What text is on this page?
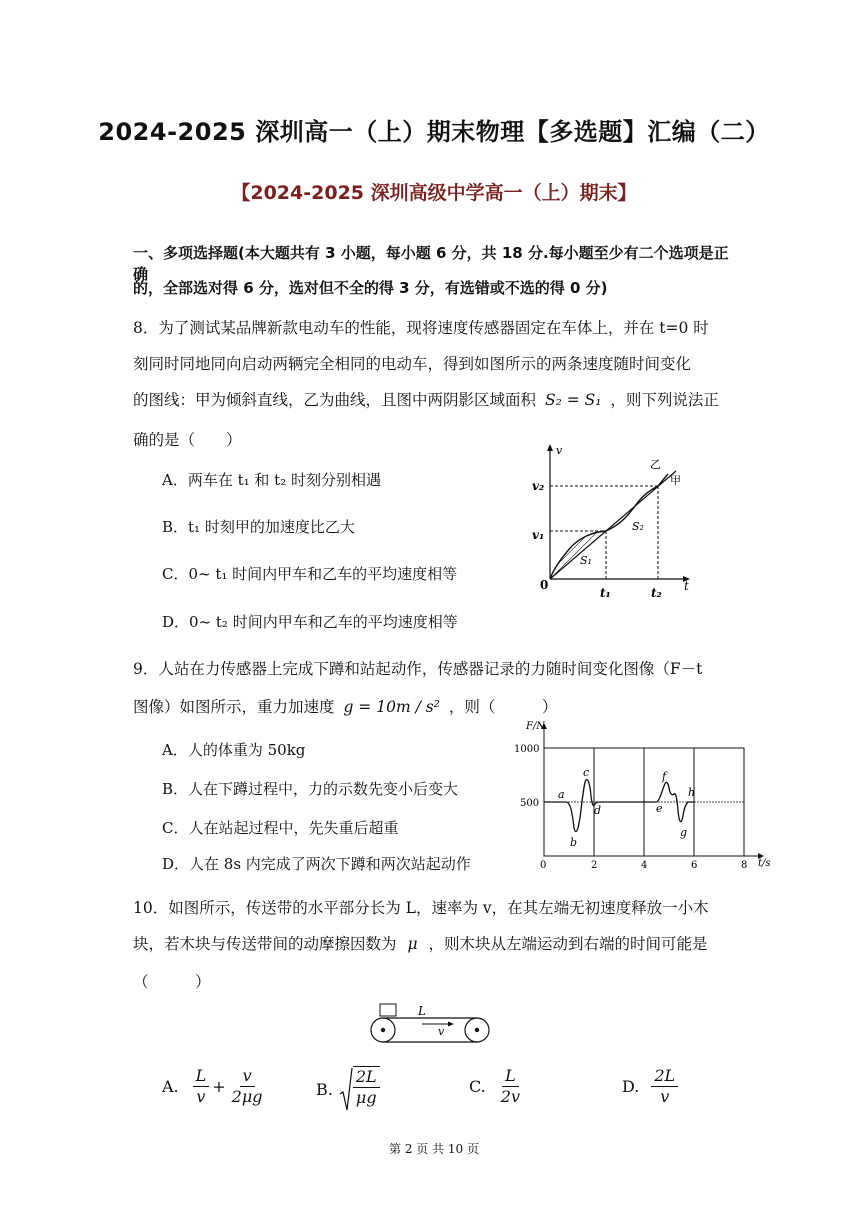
2024-2025 深圳高一（上）期末物理【多选题】汇编（二）
【2024-2025 深圳高级中学高一（上）期末】
一、多项选择题(本大题共有 3 小题，每小题 6 分，共 18 分.每小题至少有二个选项是正确
的，全部选对得 6 分，选对但不全的得 3 分，有选错或不选的得 0 分)
8．为了测试某品牌新款电动车的性能，现将速度传感器固定在车体上，并在 t=0 时
刻同时同地同向启动两辆完全相同的电动车，得到如图所示的两条速度随时间变化
的图线：甲为倾斜直线，乙为曲线，且图中两阴影区域面积 S₂ = S₁ ，则下列说法正
确的是（　　）
A．两车在 t₁ 和 t₂ 时刻分别相遇
B．t₁ 时刻甲的加速度比乙大
C．0~ t₁ 时间内甲车和乙车的平均速度相等
D．0~ t₂ 时间内甲车和乙车的平均速度相等
v
t
0
v₂
v₁
t₁	t₂
S₁
S₂
乙
甲
9．人站在力传感器上完成下蹲和站起动作，传感器记录的力随时间变化图像（F－t
图像）如图所示，重力加速度 g = 10m / s² ，则（　　　）
A．人的体重为 50kg
B．人在下蹲过程中，力的示数先变小后变大
C．人在站起过程中，先失重后超重
D．人在 8s 内完成了两次下蹲和两次站起动作
F/N
1000
500
0	2	4	6	8 t/s
a
b
c
d	e
f
g
h
10．如图所示，传送带的水平部分长为 L，速率为 v，在其左端无初速度释放一小木
块，若木块与传送带间的动摩擦因数为 μ ，则木块从左端运动到右端的时间可能是
（　　　）
L
v
A. $\frac{L}{v} + \frac{v}{2\mu g}$	B. $\frac{2L}{\mu g}$	C. $\frac{L}{2v}$	D. $\frac{2L}{v}$
第 2 页 共 10 页
